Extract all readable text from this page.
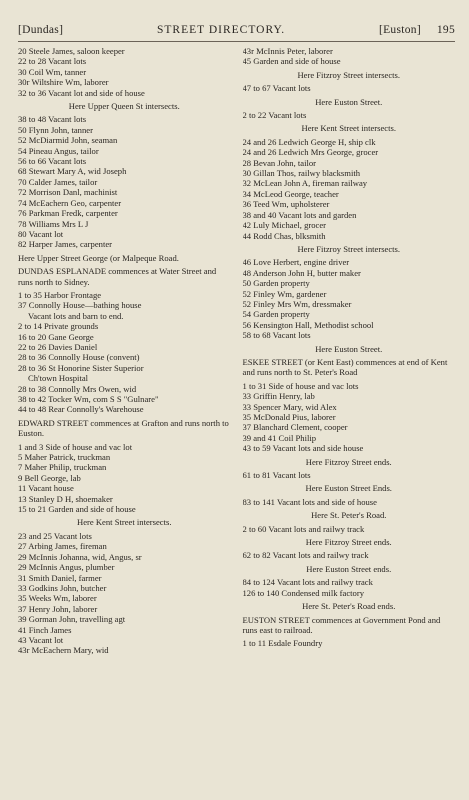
[Dundas]	STREET DIRECTORY.	[Euston] 195
20 Steele James, saloon keeper
22 to 28 Vacant lots
30 Coil Wm, tanner
30r Wiltshire Wm, laborer
32 to 36 Vacant lot and side of house
Here Upper Queen St intersects.
38 to 48 Vacant lots
50 Flynn John, tanner
52 McDiarmid John, seaman
54 Pineau Angus, tailor
56 to 66 Vacant lots
68 Stewart Mary A, wid Joseph
70 Calder James, tailor
72 Morrison Danl, machinist
74 McEachern Geo, carpenter
76 Parkman Fredk, carpenter
78 Williams Mrs L J
80 Vacant lot
82 Harper James, carpenter
Here Upper Street George (or Malpeque Road.
DUNDAS ESPLANADE commences at Water Street and runs north to Sidney.
1 to 35 Harbor Frontage
37 Connolly House—bathing house
Vacant lots and barn to end.
2 to 14 Private grounds
16 to 20 Gane George
22 to 26 Davies Daniel
28 to 36 Connolly House (convent)
28 to 36 St Honorine Sister Superior
Ch'town Hospital
28 to 38 Connolly Mrs Owen, wid
38 to 42 Tocker Wm, com S S "Gulnare"
44 to 48 Rear Connolly's Warehouse
EDWARD STREET commences at Grafton and runs north to Euston.
1 and 3 Side of house and vac lot
5 Maher Patrick, truckman
7 Maher Philip, truckman
9 Bell George, lab
11 Vacant house
13 Stanley D H, shoemaker
15 to 21 Garden and side of house
Here Kent Street intersects.
23 and 25 Vacant lots
27 Arbing James, fireman
29 McInnis Johanna, wid, Angus, sr
29 McInnis Angus, plumber
31 Smith Daniel, farmer
33 Godkins John, butcher
35 Weeks Wm, laborer
37 Henry John, laborer
39 Gorman John, travelling agt
41 Finch James
43 Vacant lot
43r McEachern Mary, wid
43r McInnis Peter, laborer
45 Garden and side of house
Here Fitzroy Street intersects.
47 to 67 Vacant lots
Here Euston Street.
2 to 22 Vacant lots
Here Kent Street intersects.
24 and 26 Ledwich George H, ship clk
24 and 26 Ledwich Mrs George, grocer
28 Bevan John, tailor
30 Gillan Thos, railwy blacksmith
32 McLean John A, fireman railway
34 McLeod George, teacher
36 Teed Wm, upholsterer
38 and 40 Vacant lots and garden
42 Luly Michael, grocer
44 Rodd Chas, blksmith
Here Fitzroy Street intersects.
46 Love Herbert, engine driver
48 Anderson John H, butter maker
50 Garden property
52 Finley Wm, gardener
52 Finley Mrs Wm, dressmaker
54 Garden property
56 Kensington Hall, Methodist school
58 to 68 Vacant lots
Here Euston Street.
ESKEE STREET (or Kent East) commences at end of Kent and runs north to St. Peter's Road
1 to 31 Side of house and vac lots
33 Griffin Henry, lab
33 Spencer Mary, wid Alex
35 McDonald Pius, laborer
37 Blanchard Clement, cooper
39 and 41 Coil Philip
43 to 59 Vacant lots and side house
Here Fitzroy Street ends.
61 to 81 Vacant lots
Here Euston Street Ends.
83 to 141 Vacant lots and side of house
Here St. Peter's Road.
2 to 60 Vacant lots and railwy track
Here Fitzroy Street ends.
62 to 82 Vacant lots and railwy track
Here Euston Street ends.
84 to 124 Vacant lots and railwy track
126 to 140 Condensed milk factory
Here St. Peter's Road ends.
EUSTON STREET commences at Government Pond and runs east to railroad.
1 to 11 Esdale Foundry
